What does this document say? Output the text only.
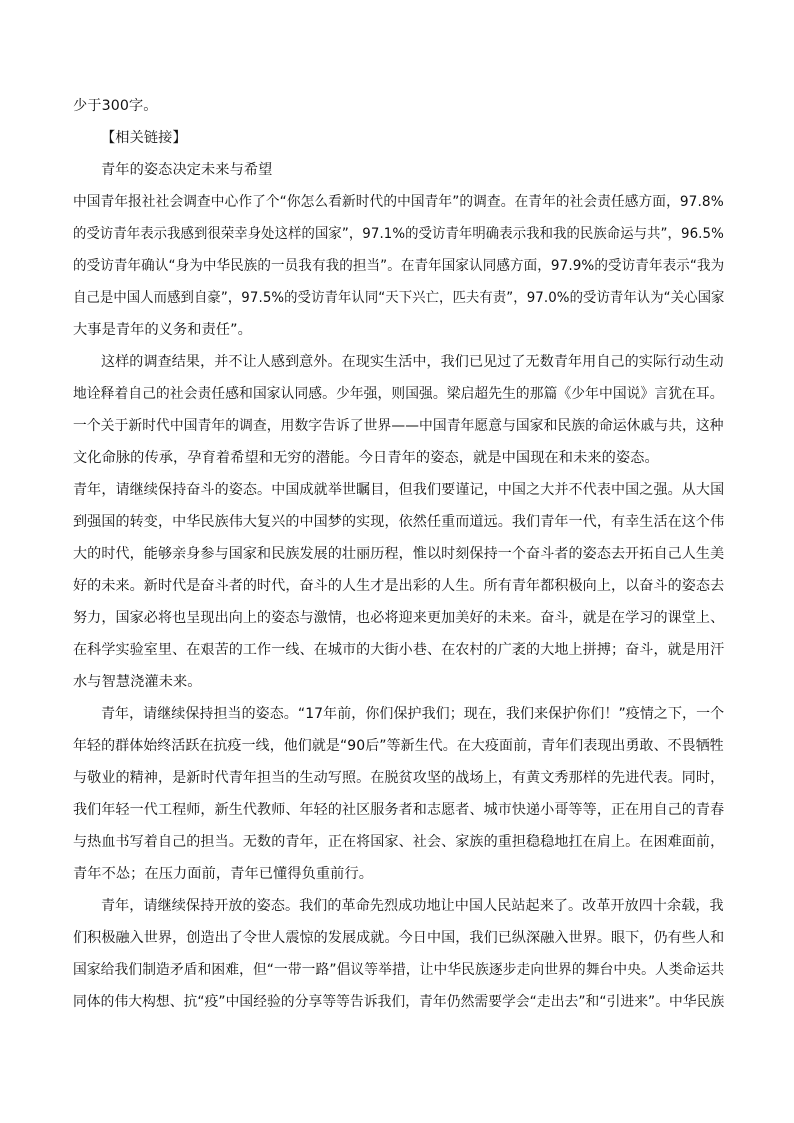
少于300字。
【相关链接】
青年的姿态决定未来与希望
中国青年报社社会调查中心作了个“你怎么看新时代的中国青年”的调查。在青年的社会责任感方面，97.8%
的受访青年表示我感到很荣幸身处这样的国家”，97.1%的受访青年明确表示我和我的民族命运与共”，96.5%
的受访青年确认“身为中华民族的一员我有我的担当”。在青年国家认同感方面，97.9%的受访青年表示“我为
自己是中国人而感到自豪”，97.5%的受访青年认同“天下兴亡，匹夫有责”，97.0%的受访青年认为“关心国家
大事是青年的义务和责任”。
这样的调查结果，并不让人感到意外。在现实生活中，我们已见过了无数青年用自己的实际行动生动
地诠释着自己的社会责任感和国家认同感。少年强，则国强。梁启超先生的那篇《少年中国说》言犹在耳。
一个关于新时代中国青年的调查，用数字告诉了世界——中国青年愿意与国家和民族的命运休戚与共，这种
文化命脉的传承，孕育着希望和无穷的潜能。今日青年的姿态，就是中国现在和未来的姿态。
青年，请继续保持奋斗的姿态。中国成就举世瞩目，但我们要谨记，中国之大并不代表中国之强。从大国
到强国的转变，中华民族伟大复兴的中国梦的实现，依然任重而道远。我们青年一代，有幸生活在这个伟
大的时代，能够亲身参与国家和民族发展的壮丽历程，惟以时刻保持一个奋斗者的姿态去开拓自己人生美
好的未来。新时代是奋斗者的时代，奋斗的人生才是出彩的人生。所有青年都积极向上，以奋斗的姿态去
努力，国家必将也呈现出向上的姿态与激情，也必将迎来更加美好的未来。奋斗，就是在学习的课堂上、
在科学实验室里、在艰苦的工作一线、在城市的大街小巷、在农村的广袤的大地上拼搏；奋斗，就是用汗
水与智慧浇灌未来。
青年，请继续保持担当的姿态。“17年前，你们保护我们；现在，我们来保护你们！”疫情之下，一个
年轻的群体始终活跃在抗疫一线，他们就是“90后”等新生代。在大疫面前，青年们表现出勇敢、不畏牺牲
与敬业的精神，是新时代青年担当的生动写照。在脱贫攻坚的战场上，有黄文秀那样的先进代表。同时，
我们年轻一代工程师，新生代教师、年轻的社区服务者和志愿者、城市快递小哥等等，正在用自己的青春
与热血书写着自己的担当。无数的青年，正在将国家、社会、家族的重担稳稳地扛在肩上。在困难面前，
青年不怂；在压力面前，青年已懂得负重前行。
青年，请继续保持开放的姿态。我们的革命先烈成功地让中国人民站起来了。改革开放四十余载，我
们积极融入世界，创造出了令世人震惊的发展成就。今日中国，我们已纵深融入世界。眼下，仍有些人和
国家给我们制造矛盾和困难，但“一带一路”倡议等举措，让中华民族逐步走向世界的舞台中央。人类命运共
同体的伟大构想、抗“疫”中国经验的分享等等告诉我们，青年仍然需要学会“走出去”和“引进来”。中华民族
